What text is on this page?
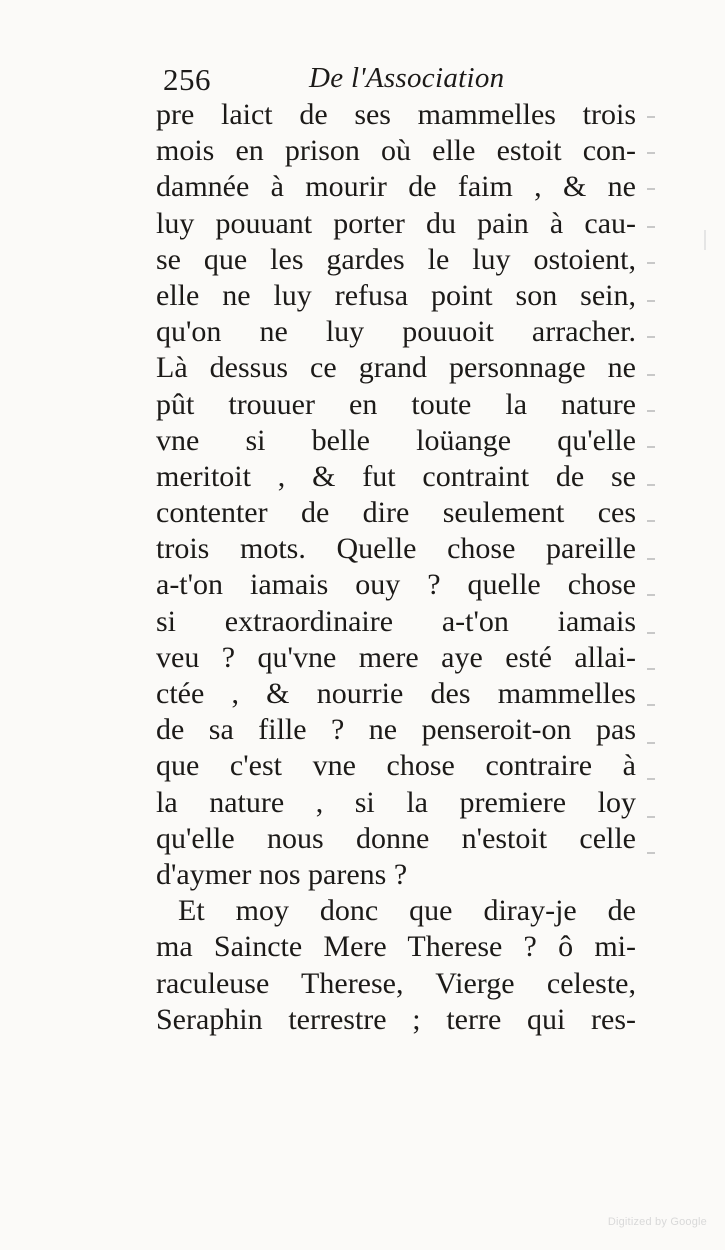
256	De l'Association
pre laict de ses mammelles trois
mois en prison où elle estoit con-
damnée à mourir de faim , & ne
luy pouuant porter du pain à cau-
se que les gardes le luy ostoient,
elle ne luy refusa point son sein,
qu'on ne luy pouuoit arracher.
Là dessus ce grand personnage ne
pût trouuer en toute la nature
vne si belle loüange qu'elle
meritoit , & fut contraint de se
contenter de dire seulement ces
trois mots. Quelle chose pareille
a-t'on iamais ouy ? quelle chose
si extraordinaire a-t'on iamais
veu ? qu'vne mere aye esté allai-
ctée , & nourrie des mammelles
de sa fille ? ne penseroit-on pas
que c'est vne chose contraire à
la nature , si la premiere loy
qu'elle nous donne n'estoit celle
d'aymer nos parens ?
Et moy donc que diray-je de
ma Saincte Mere Therese ? ô mi-
raculeuse Therese, Vierge celeste,
Seraphin terrestre ; terre qui res-
Digitized by Google
